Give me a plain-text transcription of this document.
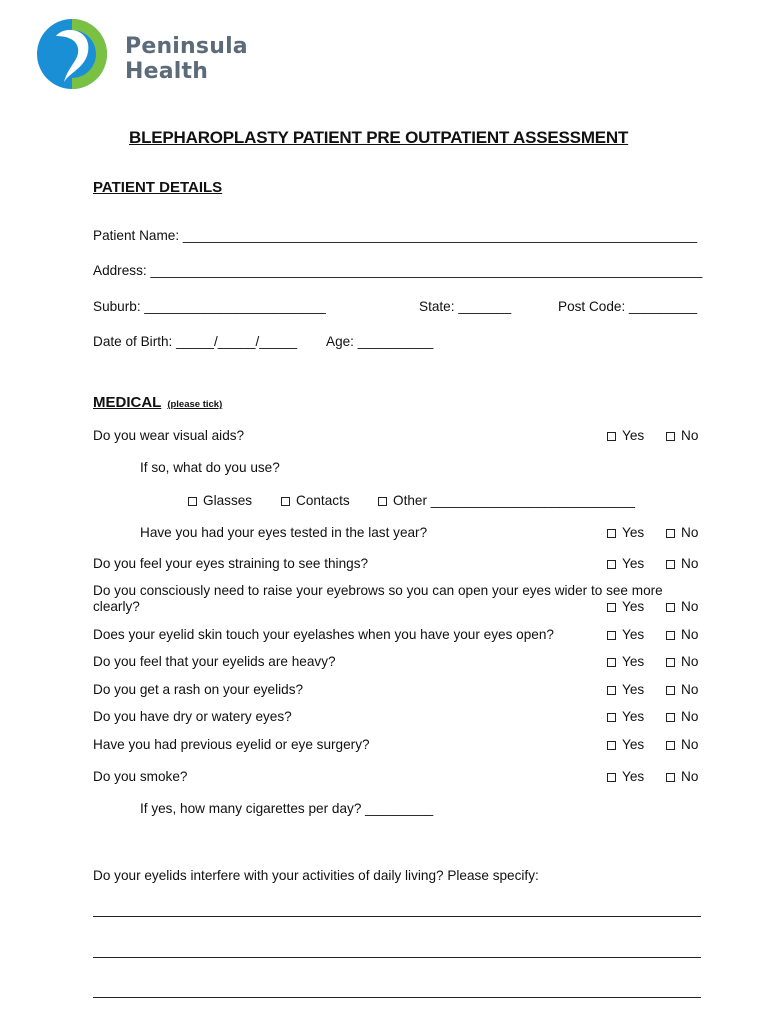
Peninsula
Health
BLEPHAROPLASTY PATIENT PRE OUTPATIENT ASSESSMENT
PATIENT DETAILS
Patient Name: ____________________________________________________________________
Address: _________________________________________________________________________
Suburb: ________________________	State: _______	Post Code: _________
Date of Birth: _____/_____/_____ Age: __________
MEDICAL (please tick)
Do you wear visual aids?	Yes	No
If so, what do you use?
Glasses	Contacts	Other ___________________________
Have you had your eyes tested in the last year?	Yes	No
Do you feel your eyes straining to see things?	Yes	No
Do you consciously need to raise your eyebrows so you can open your eyes wider to see more
clearly?	Yes	No
Does your eyelid skin touch your eyelashes when you have your eyes open?	Yes	No
Do you feel that your eyelids are heavy?	Yes	No
Do you get a rash on your eyelids?	Yes	No
Do you have dry or watery eyes?	Yes	No
Have you had previous eyelid or eye surgery?	Yes	No
Do you smoke?	Yes	No
If yes, how many cigarettes per day? _________
Do your eyelids interfere with your activities of daily living? Please specify:
